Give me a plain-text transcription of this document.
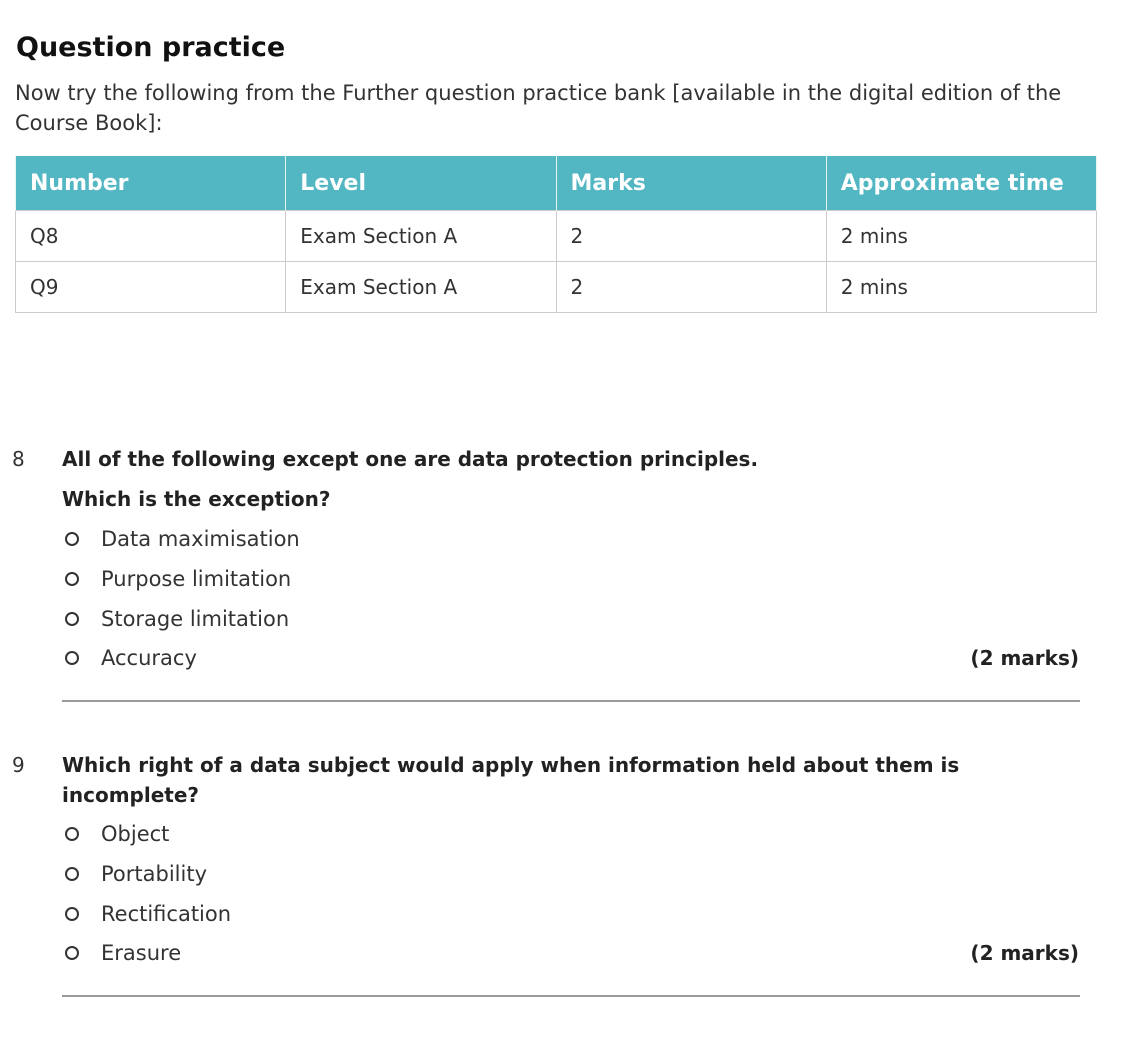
Question practice

Now try the following from the Further question practice bank [available in the digital edition of the Course Book]:

Number	Level	Marks	Approximate time
Q8	Exam Section A	2	2 mins
Q9	Exam Section A	2	2 mins
8 All of the following except one are data protection principles.

Which is the exception?

Data maximisation
Purpose limitation
Storage limitation
Accuracy	(2 marks)
9 Which right of a data subject would apply when information held about them is

incomplete?

Object
Portability
Rectification
Erasure	(2 marks)
